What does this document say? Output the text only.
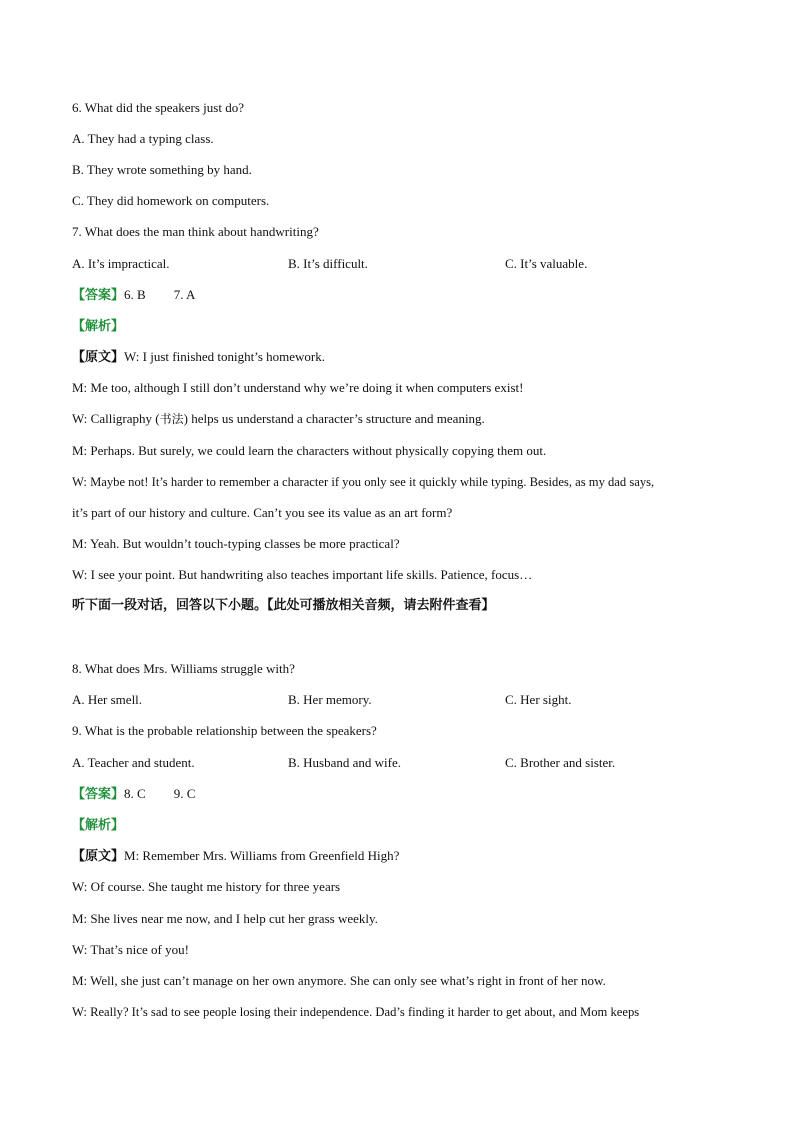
6. What did the speakers just do?
A. They had a typing class.
B. They wrote something by hand.
C. They did homework on computers.
7. What does the man think about handwriting?
A. It’s impractical.	B. It’s difficult.	C. It’s valuable.
【答案】6. B 7. A
【解析】
【原文】W: I just finished tonight’s homework.
M: Me too, although I still don’t understand why we’re doing it when computers exist!
W: Calligraphy (书法) helps us understand a character’s structure and meaning.
M: Perhaps. But surely, we could learn the characters without physically copying them out.
W: Maybe not! It’s harder to remember a character if you only see it quickly while typing. Besides, as my dad says,
it’s part of our history and culture. Can’t you see its value as an art form?
M: Yeah. But wouldn’t touch-typing classes be more practical?
W: I see your point. But handwriting also teaches important life skills. Patience, focus…
听下面一段对话，回答以下小题。【此处可播放相关音频，请去附件查看】
8. What does Mrs. Williams struggle with?
A. Her smell.	B. Her memory.	C. Her sight.
9. What is the probable relationship between the speakers?
A. Teacher and student.	B. Husband and wife.	C. Brother and sister.
【答案】8. C 9. C
【解析】
【原文】M: Remember Mrs. Williams from Greenfield High?
W: Of course. She taught me history for three years
M: She lives near me now, and I help cut her grass weekly.
W: That’s nice of you!
M: Well, she just can’t manage on her own anymore. She can only see what’s right in front of her now.
W: Really? It’s sad to see people losing their independence. Dad’s finding it harder to get about, and Mom keeps
